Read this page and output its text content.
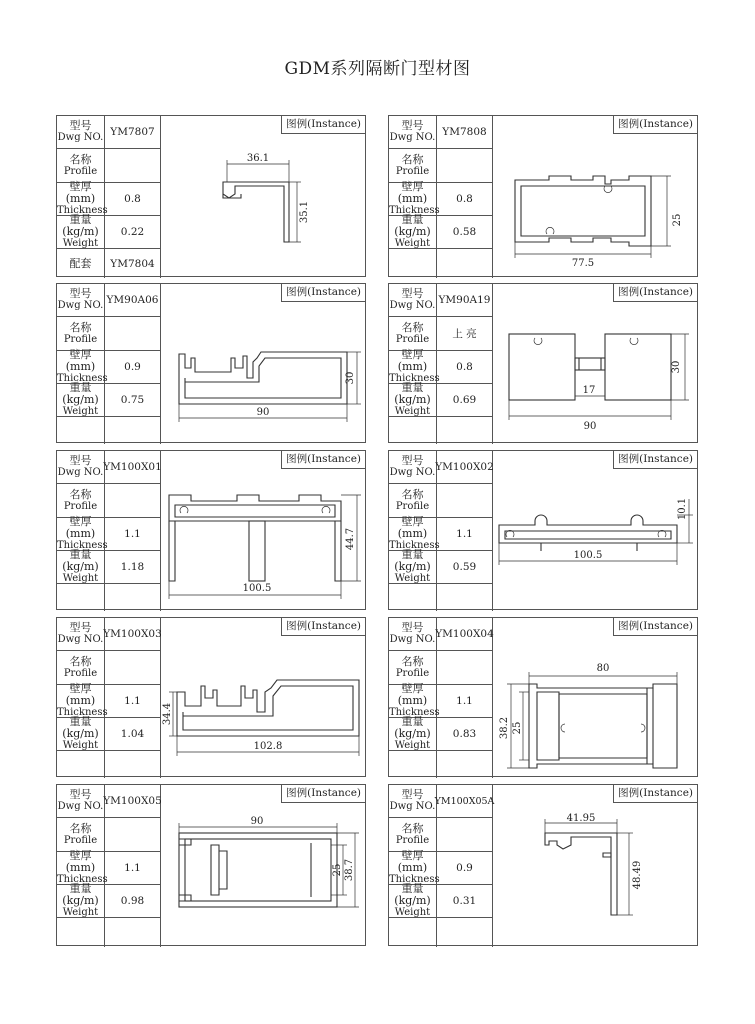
GDM系列隔断门型材图
型号
Dwg NO. YM7807
名称
Profile
壁厚(mm)
Thickness
0.8
重量(kg/m)
Weight
0.22
配套	YM7804
图例(Instance)
36.1
35.1
型号
Dwg NO. YM7808
名称
Profile
壁厚(mm)
Thickness
0.8
重量(kg/m)
Weight
0.58
图例(Instance)
77.5
25
型号
Dwg NO. YM90A06
名称
Profile
壁厚(mm)
Thickness
0.9
重量(kg/m)
Weight
0.75
图例(Instance)
90
30
型号
Dwg NO. YM90A19
名称
Profile	上 亮
壁厚(mm)
Thickness
0.8
重量(kg/m)
Weight
0.69
图例(Instance)
17
90
30
型号
Dwg NO. YM100X01
名称
Profile
壁厚(mm)
Thickness
1.1
重量(kg/m)
Weight
1.18
图例(Instance)
100.5
44.7
型号
Dwg NO. YM100X02
名称
Profile
壁厚(mm)
Thickness
1.1
重量(kg/m)
Weight
0.59
图例(Instance)
100.5
10.1
型号
Dwg NO. YM100X03
名称
Profile
壁厚(mm)
Thickness
1.1
重量(kg/m)
Weight
1.04
图例(Instance)
102.8
34.4
型号
Dwg NO. YM100X04
名称
Profile
壁厚(mm)
Thickness
1.1
重量(kg/m)
Weight
0.83
图例(Instance)
80
38.2 25
型号
Dwg NO. YM100X05
名称
Profile
壁厚(mm)
Thickness
1.1
重量(kg/m)
Weight
0.98
图例(Instance)
90
38.7
25
型号
Dwg NO. YM100X05A
名称
Profile
壁厚(mm)
Thickness
0.9
重量(kg/m)
Weight
0.31
图例(Instance)
41.95
48.49
